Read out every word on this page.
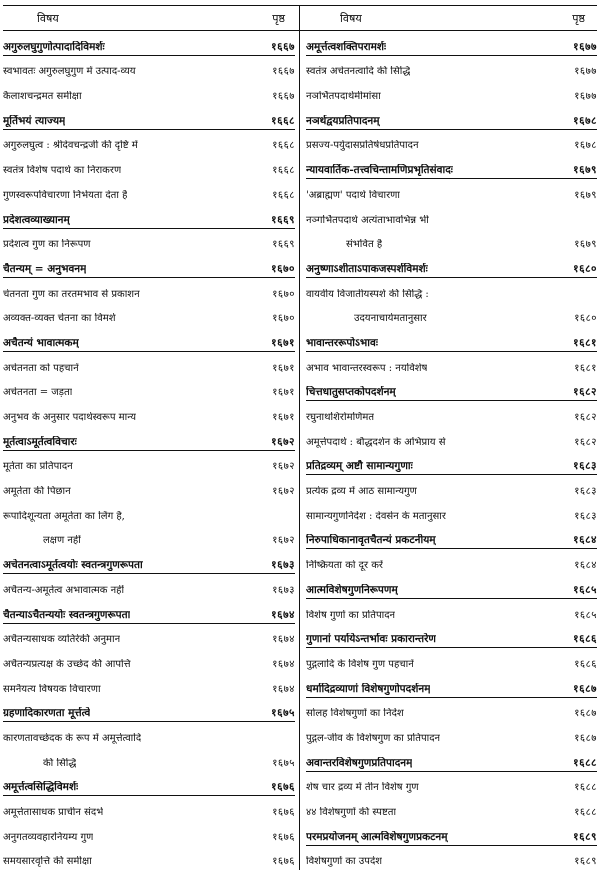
विषय	पृष्ठ	विषय	पृष्ठ
अगुरुलघुगुणोत्पादादिविमर्शः	१६६७
स्वभावतः अगुरुलघुगुण में उत्पाद-व्यय	१६६७
कैलाशचन्द्रमत समीक्षा	१६६७
मूर्तिभयं त्याज्यम्	१६६८
अगुरुलघुत्व : श्रीदेवचन्द्रजी की दृष्टि में	१६६८
स्वतंत्र विशेष पदार्थ का निराकरण	१६६८
गुणस्वरूपविचारणा निर्भयता देता है	१६६८
प्रदेशत्वव्याख्यानम्	१६६९
प्रदेशत्व गुण का निरूपण	१६६९
चैतन्यम् = अनुभवनम्	१६७०
चेतनता गुण का तरतमभाव से प्रकाशन	१६७०
अव्यक्त-व्यक्त चेतना का विमर्श	१६७०
अचैतन्यं भावात्मकम्	१६७१
अचेतनता को पहचानें	१६७१
अचेतनता = जड़ता	१६७१
अनुभव के अनुसार पदार्थस्वरूप मान्य	१६७१
मूर्तत्वाऽमूर्तत्वविचारः	१६७२
मूर्तता का प्रतिपादन	१६७२
अमूर्तता की पिछान	१६७२
रूपादिशून्यता अमूर्तता का लिंग है,
लक्षण नहीं	१६७२
अचेतनत्वाऽमूर्तत्वयोः स्वतन्त्रगुणरूपता	१६७३
अचैतन्य-अमूर्तत्व अभावात्मक नहीं	१६७३
चैतन्याऽचैतन्ययोः स्वतन्त्रगुणरूपता	१६७४
अचैतन्यसाधक व्यतिरेकी अनुमान	१६७४
अचैतन्यप्रत्यक्ष के उच्छेद की आपत्ति	१६७४
समनैयत्य विषयक विचारणा	१६७४
ग्रहणादिकारणता मूर्त्तत्वे	१६७५
कारणतावच्छेदक के रूप में अमूर्त्तत्वादि
की सिद्धि	१६७५
अमूर्त्तत्वसिद्धिविमर्शः	१६७६
अमूर्त्ततासाधक प्राचीन संदर्भ	१६७६
अनुगतव्यवहारनियम्य गुण	१६७६
समयसारवृत्ति की समीक्षा	१६७६
अमूर्त्तत्वशक्तिपरामर्शः	१६७७
स्वतंत्र अचेतनत्वादि की सिद्धि	१६७७
नञर्भितपदार्थमीमांसा	१६७७
नञर्थद्वयप्रतिपादनम्	१६७८
प्रसज्य-पर्युदासप्रतिषेधप्रतिपादन	१६७८
न्यायवार्तिक-तत्त्वचिन्तामणिप्रभृतिसंवादः	१६७९
'अब्राह्मण' पदार्थ विचारणा	१६७९
नञ्गर्भितपदार्थ अत्यंताभावभिन्न भी
संभवित है	१६७९
अनुष्णाऽशीताऽपाकजस्पर्शविमर्शः	१६८०
वायवीय विजातीयस्पर्श की सिद्धि :
उदयनाचार्यमतानुसार	१६८०
भावान्तररूपोऽभावः	१६८१
अभाव भावान्तरस्वरूप : नयविशेष	१६८१
चित्तधातुसप्तकोपदर्शनम्	१६८२
रघुनाथशिरोमणिमत	१६८२
अमूर्त्तपदार्थ : बौद्धदर्शन के अभिप्राय से	१६८२
प्रतिद्रव्यम् अष्टौ सामान्यगुणाः	१६८३
प्रत्येक द्रव्य में आठ सामान्यगुण	१६८३
सामान्यगुणनिर्देश : देवसेन के मतानुसार	१६८३
निरुपाधिकानावृतचैतन्यं प्रकटनीयम्	१६८४
निष्क्रियता को दूर करें	१६८४
आत्मविशेषगुणनिरूपणम्	१६८५
विशेष गुणों का प्रतिपादन	१६८५
गुणानां पर्यायेऽन्तर्भावः प्रकारान्तरेण	१६८६
पुद्गलादि के विशेष गुण पहचानें	१६८६
धर्मादिद्रव्याणां विशेषगुणोपदर्शनम्	१६८७
सोलह विशेषगुणों का निर्देश	१६८७
पुद्गल-जीव के विशेषगुण का प्रतिपादन	१६८७
अवान्तरविशेषगुणप्रतिपादनम्	१६८८
शेष चार द्रव्य में तीन विशेष गुण	१६८८
४४ विशेषगुणों की स्पष्टता	१६८८
परमप्रयोजनम् आत्मविशेषगुणप्रकटनम्	१६८९
विशेषगुणों का उपदेश	१६८९
